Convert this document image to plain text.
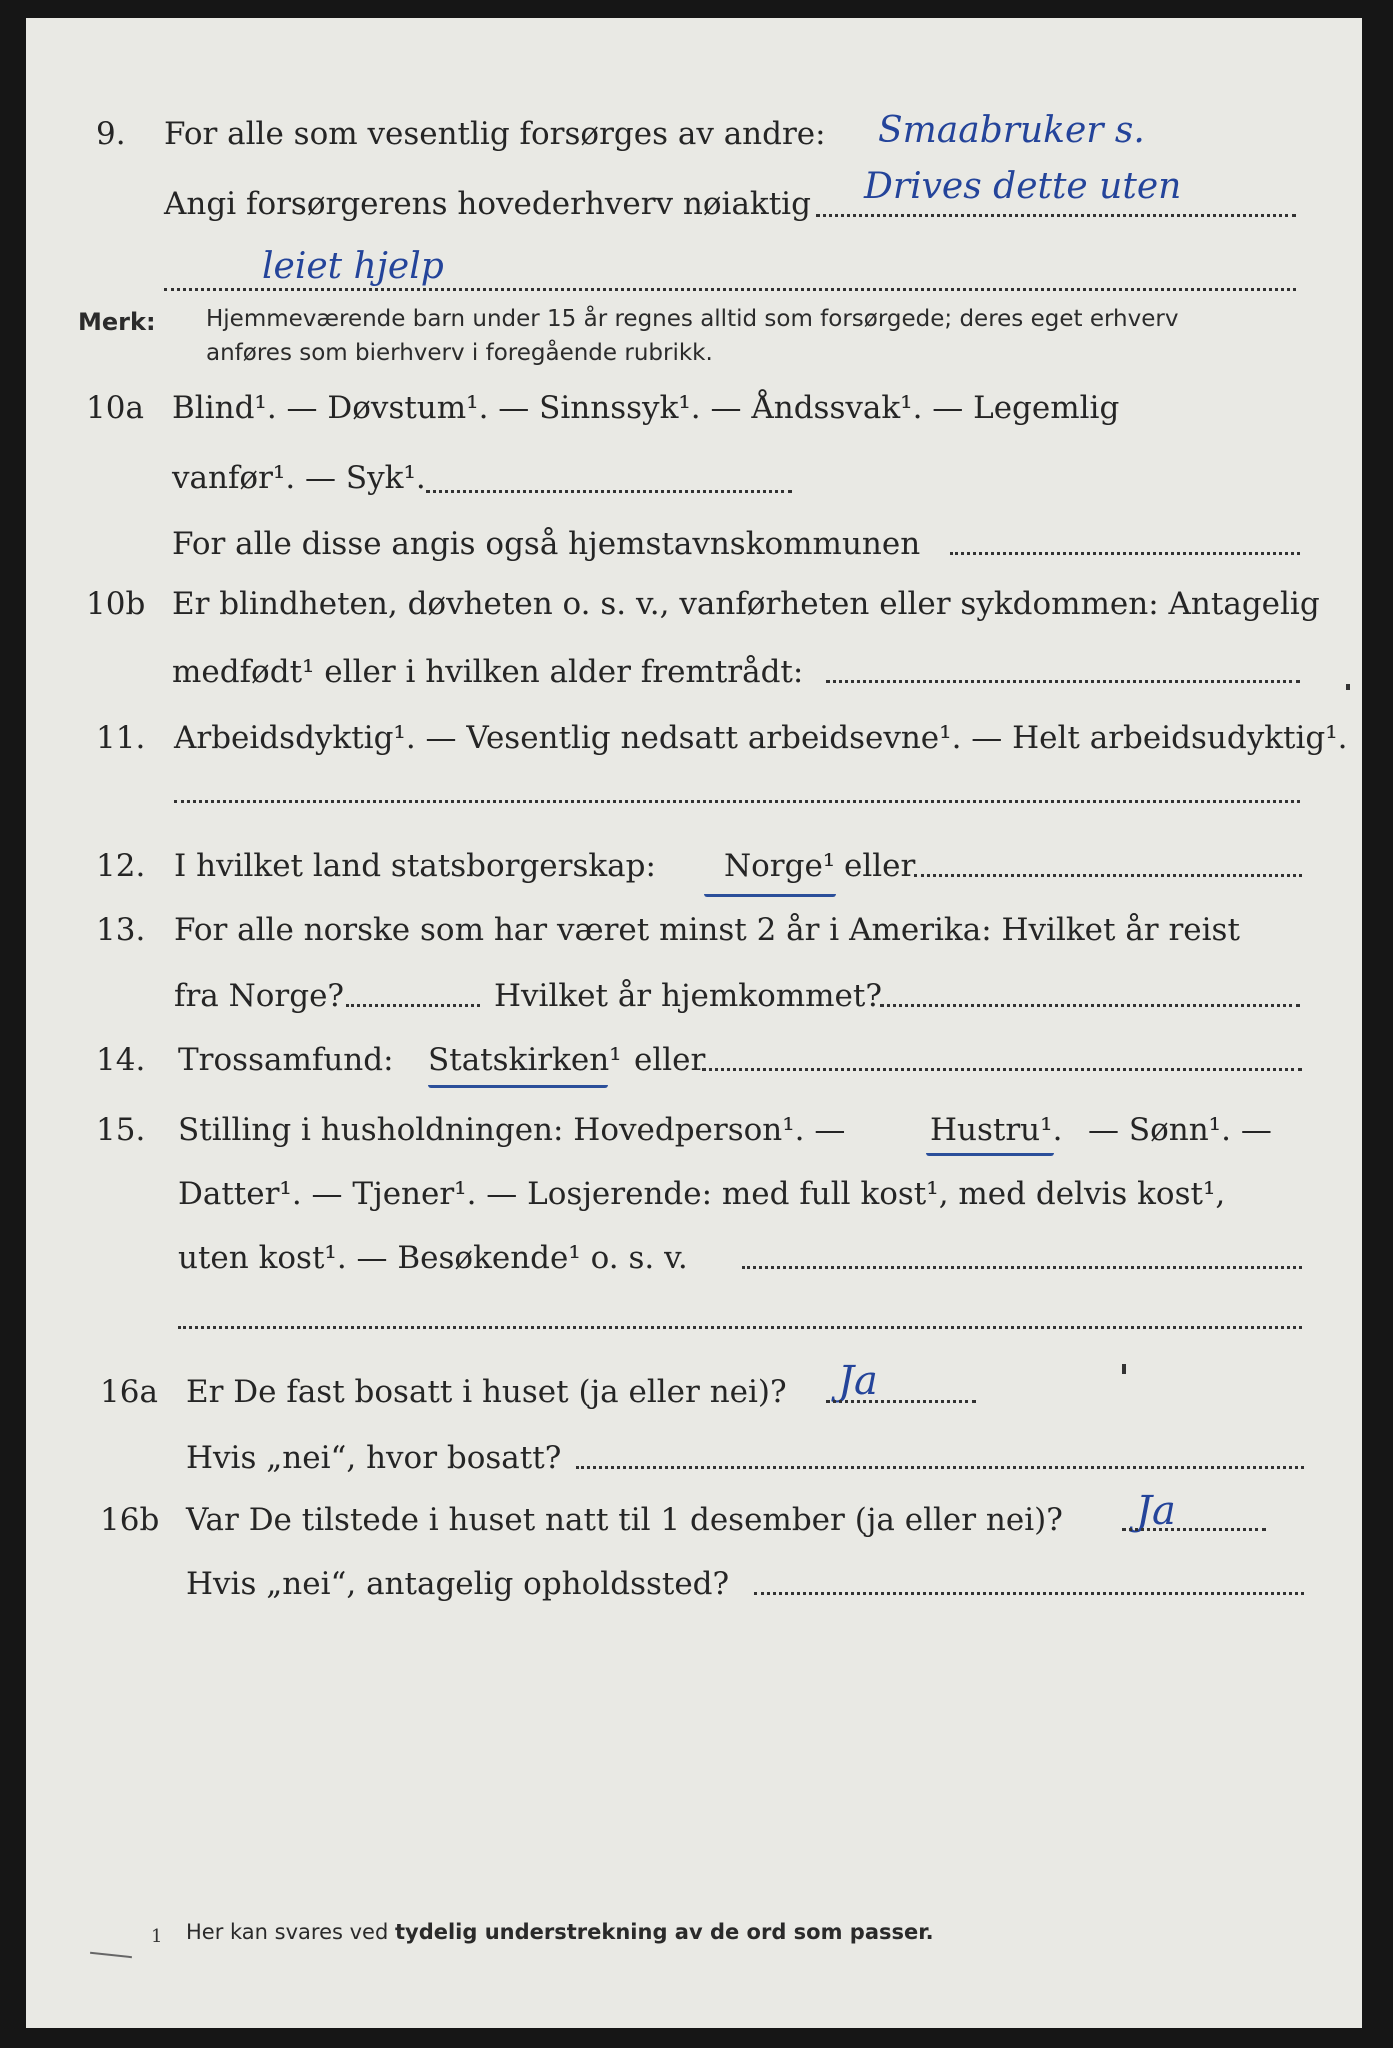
9. For alle som vesentlig forsørges av andre: Smaabruker s.
Angi forsørgerens hovederhverv nøiaktig Drives dette uten
leiet hjelp
Merk: Hjemmeværende barn under 15 år regnes alltid som forsørgede; deres eget erhverv
anføres som bierhverv i foregående rubrikk.
10a Blind¹. — Døvstum¹. — Sinnssyk¹. — Åndssvak¹. — Legemlig
vanfør¹. — Syk¹.
For alle disse angis også hjemstavnskommunen
10b Er blindheten, døvheten o. s. v., vanførheten eller sykdommen: Antagelig
medfødt¹ eller i hvilken alder fremtrådt:
11. Arbeidsdyktig¹. — Vesentlig nedsatt arbeidsevne¹. — Helt arbeidsudyktig¹.
12. I hvilket land statsborgerskap: Norge¹ eller
13. For alle norske som har været minst 2 år i Amerika: Hvilket år reist
fra Norge?	Hvilket år hjemkommet?
14. Trossamfund: Statskirken¹ eller
15. Stilling i husholdningen: Hovedperson¹. —	Hustru¹. — Sønn¹. —
Datter¹. — Tjener¹. — Losjerende: med full kost¹, med delvis kost¹,
uten kost¹. — Besøkende¹ o. s. v.
16a Er De fast bosatt i huset (ja eller nei)? Ja
Hvis „nei“, hvor bosatt?
16b Var De tilstede i huset natt til 1 desember (ja eller nei)? Ja
Hvis „nei“, antagelig opholdssted?
1 Her kan svares ved tydelig understrekning av de ord som passer.
